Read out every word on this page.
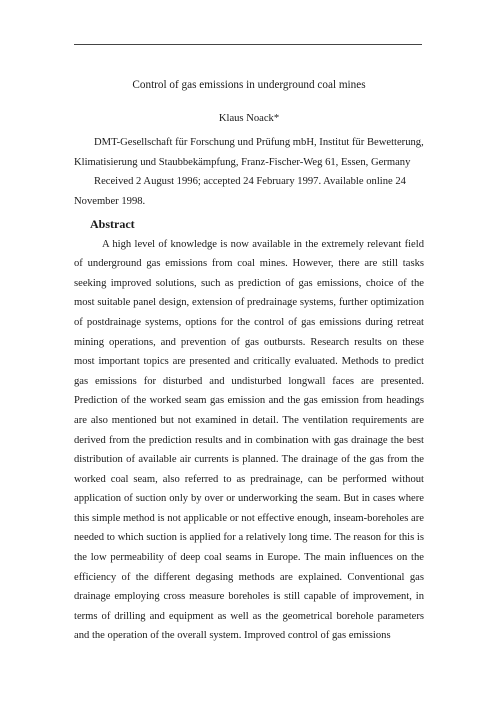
Control of gas emissions in underground coal mines
Klaus Noack*

DMT-Gesellschaft für Forschung und Prüfung mbH, Institut für Bewetterung, Klimatisierung und Staubbekämpfung, Franz-Fischer-Weg 61, Essen, Germany

Received 2 August 1996; accepted 24 February 1997. Available online 24 November 1998.

Abstract

A high level of knowledge is now available in the extremely relevant field of underground gas emissions from coal mines. However, there are still tasks seeking improved solutions, such as prediction of gas emissions, choice of the most suitable panel design, extension of predrainage systems, further optimization of postdrainage systems, options for the control of gas emissions during retreat mining operations, and prevention of gas outbursts. Research results on these most important topics are presented and critically evaluated. Methods to predict gas emissions for disturbed and undisturbed longwall faces are presented. Prediction of the worked seam gas emission and the gas emission from headings are also mentioned but not examined in detail. The ventilation requirements are derived from the prediction results and in combination with gas drainage the best distribution of available air currents is planned. The drainage of the gas from the worked coal seam, also referred to as predrainage, can be performed without application of suction only by over or underworking the seam. But in cases where this simple method is not applicable or not effective enough, inseam-boreholes are needed to which suction is applied for a relatively long time. The reason for this is the low permeability of deep coal seams in Europe. The main influences on the efficiency of the different degasing methods are explained. Conventional gas drainage employing cross measure boreholes is still capable of improvement, in terms of drilling and equipment as well as the geometrical borehole parameters and the operation of the overall system. Improved control of gas emissions
